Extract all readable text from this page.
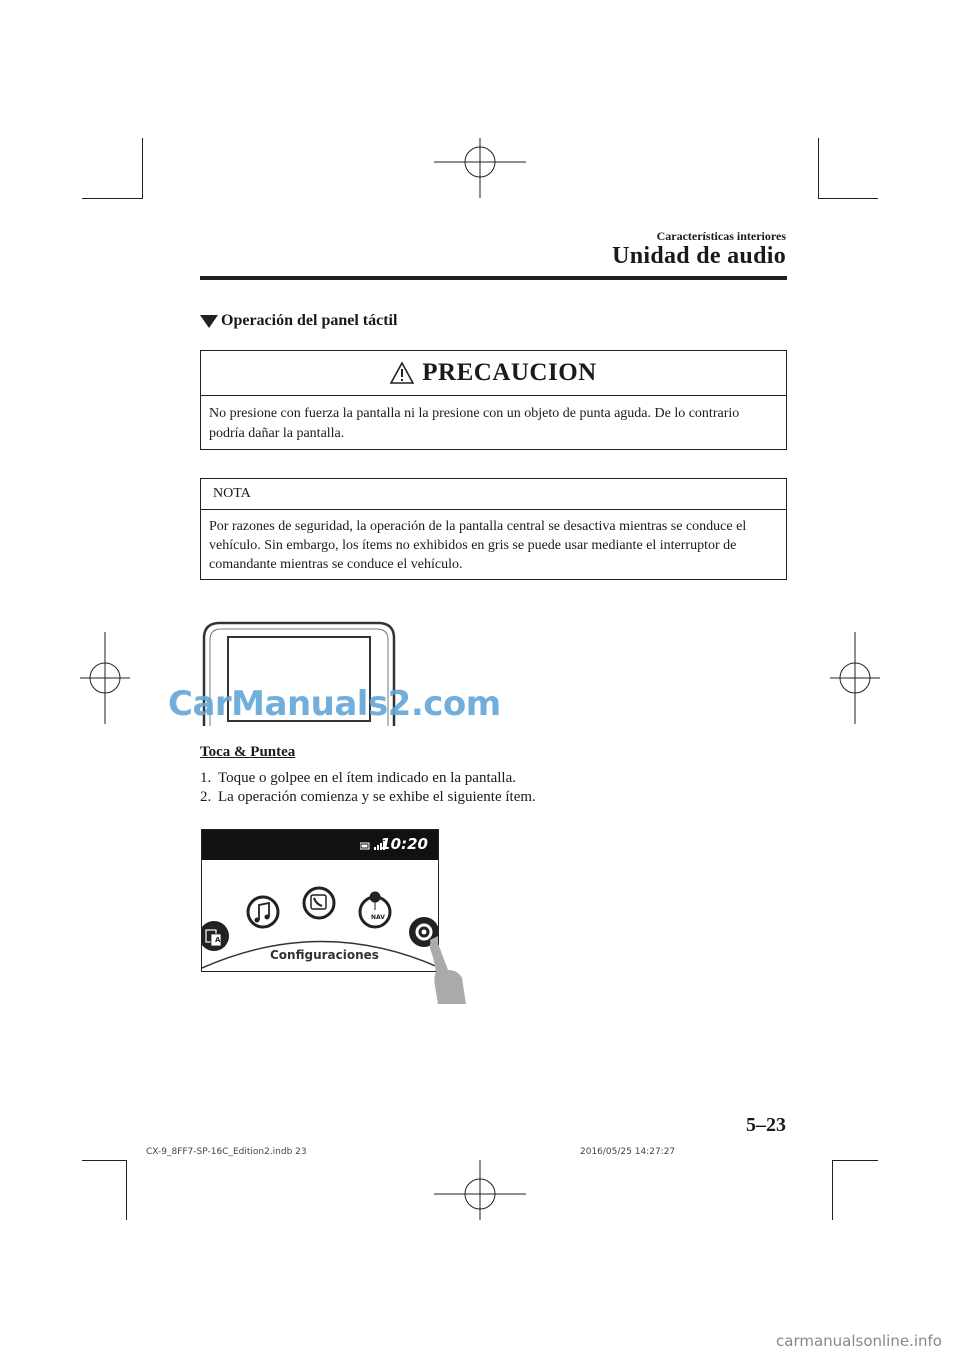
Características interiores
Unidad de audio
Operación del panel táctil
PRECAUCION
No presione con fuerza la pantalla ni la presione con un objeto de punta aguda. De lo contrario podría dañar la pantalla.
NOTA
Por razones de seguridad, la operación de la pantalla central se desactiva mientras se conduce el vehículo. Sin embargo, los ítems no exhibidos en gris se puede usar mediante el interruptor de comandante mientras se conduce el vehículo.
CarManuals2.com
Toca & Puntea
1. Toque o golpee en el ítem indicado en la pantalla.
2. La operación comienza y se exhibe el siguiente ítem.
10:20
NAV
A
Configuraciones
5–23
CX-9_8FF7-SP-16C_Edition2.indb 23	2016/05/25 14:27:27
carmanualsonline.info
